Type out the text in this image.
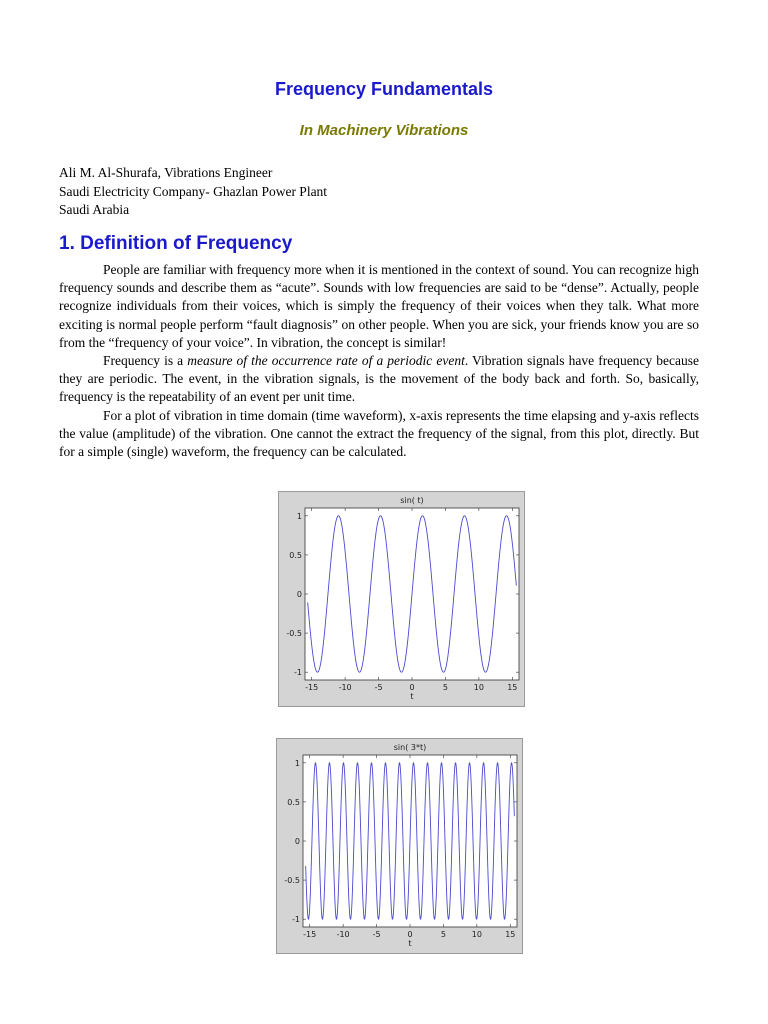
Frequency Fundamentals
In Machinery Vibrations
Ali M. Al-Shurafa, Vibrations Engineer
Saudi Electricity Company- Ghazlan Power Plant
Saudi Arabia
1. Definition of Frequency

People are familiar with frequency more when it is mentioned in the context of sound. You can recognize high frequency sounds and describe them as “acute”. Sounds with low frequencies are said to be “dense”. Actually, people recognize individuals from their voices, which is simply the frequency of their voices when they talk. What more exciting is normal people perform “fault diagnosis” on other people. When you are sick, your friends know you are so from the “frequency of your voice”. In vibration, the concept is similar!

Frequency is a measure of the occurrence rate of a periodic event. Vibration signals have frequency because they are periodic. The event, in the vibration signals, is the movement of the body back and forth. So, basically, frequency is the repeatability of an event per unit time.

For a plot of vibration in time domain (time waveform), x-axis represents the time elapsing and y-axis reflects the value (amplitude) of the vibration. One cannot the extract the frequency of the signal, from this plot, directly. But for a simple (single) waveform, the frequency can be calculated.

sin( t)
-15	-10	-5	0	5	10	15
-1
-0.5
0
0.5
1
t
sin( 3*t)
-15	-10	-5	0	5	10	15
-1
-0.5
0
0.5
1
t
